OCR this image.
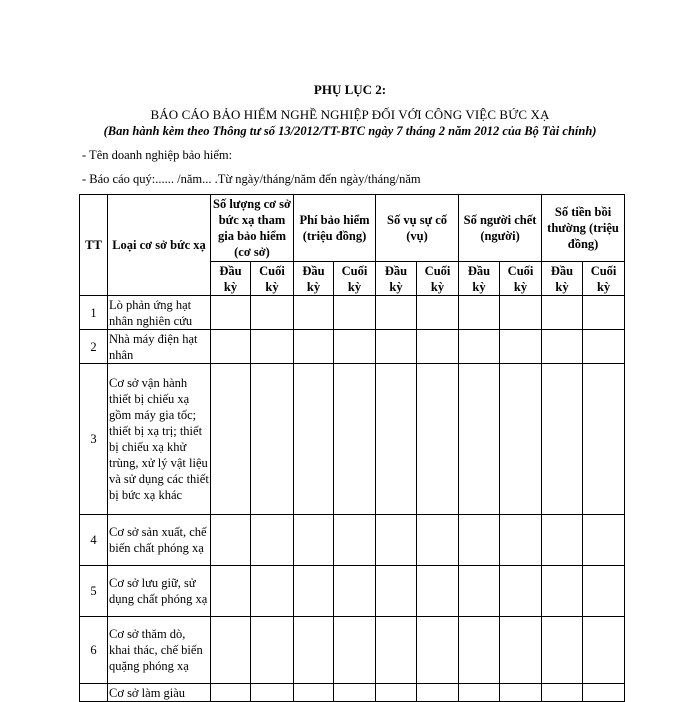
PHỤ LỤC 2:
BÁO CÁO BẢO HIỂM NGHỀ NGHIỆP ĐỐI VỚI CÔNG VIỆC BỨC XẠ
(Ban hành kèm theo Thông tư số 13/2012/TT-BTC ngày 7 tháng 2 năm 2012 của Bộ Tài chính)
- Tên doanh nghiệp bảo hiểm:
- Báo cáo quý:...... /năm... .Từ ngày/tháng/năm đến ngày/tháng/năm
TT	Loại cơ sở bức xạ	Số lượng cơ sở bức xạ tham gia bảo hiểm (cơ sở)		Phí bảo hiểm (triệu đồng)		Số vụ sự cố (vụ)		Số người chết (người)		Số tiền bồi thường (triệu đồng)	
		Đầu kỳ	Cuối kỳ	Đầu kỳ	Cuối kỳ	Đầu kỳ	Cuối kỳ	Đầu kỳ	Cuối kỳ	Đầu kỳ	Cuối kỳ
1	Lò phản ứng hạt nhân nghiên cứu										
2	Nhà máy điện hạt nhân										
3	Cơ sở vận hành thiết bị chiếu xạ gồm máy gia tốc; thiết bị xạ trị; thiết bị chiếu xạ khử trùng, xử lý vật liệu và sử dụng các thiết bị bức xạ khác										
4	Cơ sở sản xuất, chế biến chất phóng xạ										
5	Cơ sở lưu giữ, sử dụng chất phóng xạ										
6	Cơ sở thăm dò, khai thác, chế biến quặng phóng xạ										
	Cơ sở làm giàu										
